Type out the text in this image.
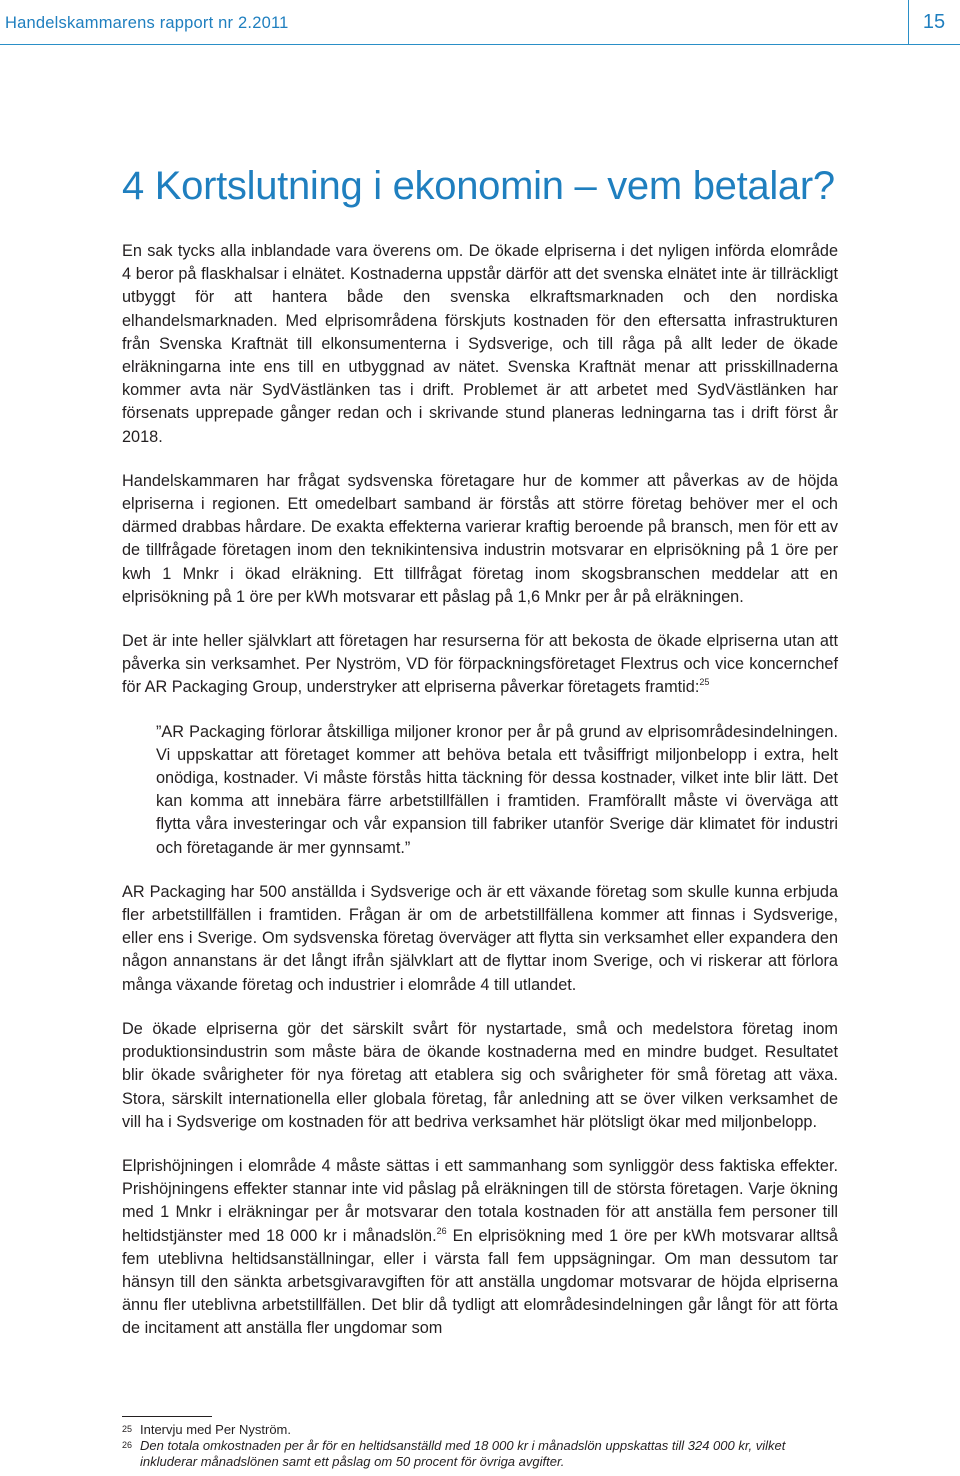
Handelskammarens rapport nr 2.2011	15
4 Kortslutning i ekonomin – vem betalar?

En sak tycks alla inblandade vara överens om. De ökade elpriserna i det nyligen införda elområde 4 beror på flaskhalsar i elnätet. Kostnaderna uppstår därför att det svenska elnätet inte är tillräckligt utbyggt för att hantera både den svenska elkraftsmarknaden och den nordiska elhandelsmarknaden. Med elprisområdena förskjuts kostnaden för den eftersatta infrastrukturen från Svenska Kraftnät till elkonsumenterna i Sydsverige, och till råga på allt leder de ökade elräkningarna inte ens till en utbyggnad av nätet. Svenska Kraftnät menar att prisskillnaderna kommer avta när SydVästlänken tas i drift. Problemet är att arbetet med SydVästlänken har försenats upprepade gånger redan och i skrivande stund planeras ledningarna tas i drift först år 2018.

Handelskammaren har frågat sydsvenska företagare hur de kommer att påverkas av de höjda elpriserna i regionen. Ett omedelbart samband är förstås att större företag behöver mer el och därmed drabbas hårdare. De exakta effekterna varierar kraftig beroende på bransch, men för ett av de tillfrågade företagen inom den teknikintensiva industrin motsvarar en elprisökning på 1 öre per kwh 1 Mnkr i ökad elräkning. Ett tillfrågat företag inom skogsbranschen meddelar att en elprisökning på 1 öre per kWh motsvarar ett påslag på 1,6 Mnkr per år på elräkningen.

Det är inte heller självklart att företagen har resurserna för att bekosta de ökade elpriserna utan att påverka sin verksamhet. Per Nyström, VD för förpackningsföretaget Flextrus och vice koncernchef för AR Packaging Group, understryker att elpriserna påverkar företagets framtid:$^{25}$

”AR Packaging förlorar åtskilliga miljoner kronor per år på grund av elprisområdesindelningen. Vi uppskattar att företaget kommer att behöva betala ett tvåsiffrigt miljonbelopp i extra, helt onödiga, kostnader. Vi måste förstås hitta täckning för dessa kostnader, vilket inte blir lätt. Det kan komma att innebära färre arbetstillfällen i framtiden. Framförallt måste vi överväga att flytta våra investeringar och vår expansion till fabriker utanför Sverige där klimatet för industri och företagande är mer gynnsamt.”

AR Packaging har 500 anställda i Sydsverige och är ett växande företag som skulle kunna erbjuda fler arbetstillfällen i framtiden. Frågan är om de arbetstillfällena kommer att finnas i Sydsverige, eller ens i Sverige. Om sydsvenska företag överväger att flytta sin verksamhet eller expandera den någon annanstans är det långt ifrån självklart att de flyttar inom Sverige, och vi riskerar att förlora många växande företag och industrier i elområde 4 till utlandet.

De ökade elpriserna gör det särskilt svårt för nystartade, små och medelstora företag inom produktionsindustrin som måste bära de ökande kostnaderna med en mindre budget. Resultatet blir ökade svårigheter för nya företag att etablera sig och svårigheter för små företag att växa. Stora, särskilt internationella eller globala företag, får anledning att se över vilken verksamhet de vill ha i Sydsverige om kostnaden för att bedriva verksamhet här plötsligt ökar med miljonbelopp.

Elprishöjningen i elområde 4 måste sättas i ett sammanhang som synliggör dess faktiska effekter. Prishöjningens effekter stannar inte vid påslag på elräkningen till de största företagen. Varje ökning med 1 Mnkr i elräkningar per år motsvarar den totala kostnaden för att anställa fem personer till heltidstjänster med 18 000 kr i månadslön.$^{26}$ En elprisökning med 1 öre per kWh motsvarar alltså fem uteblivna heltidsanställningar, eller i värsta fall fem uppsägningar. Om man dessutom tar hänsyn till den sänkta arbetsgivaravgiften för att anställa ungdomar motsvarar de höjda elpriserna ännu fler uteblivna arbetstillfällen. Det blir då tydligt att elområdesindelningen går långt för att förta de incitament att anställa fler ungdomar som

25 Intervju med Per Nyström.
26 Den totala omkostnaden per år för en heltidsanställd med 18 000 kr i månadslön uppskattas till 324 000 kr, vilket inkluderar månadslönen samt ett påslag om 50 procent för övriga avgifter.
